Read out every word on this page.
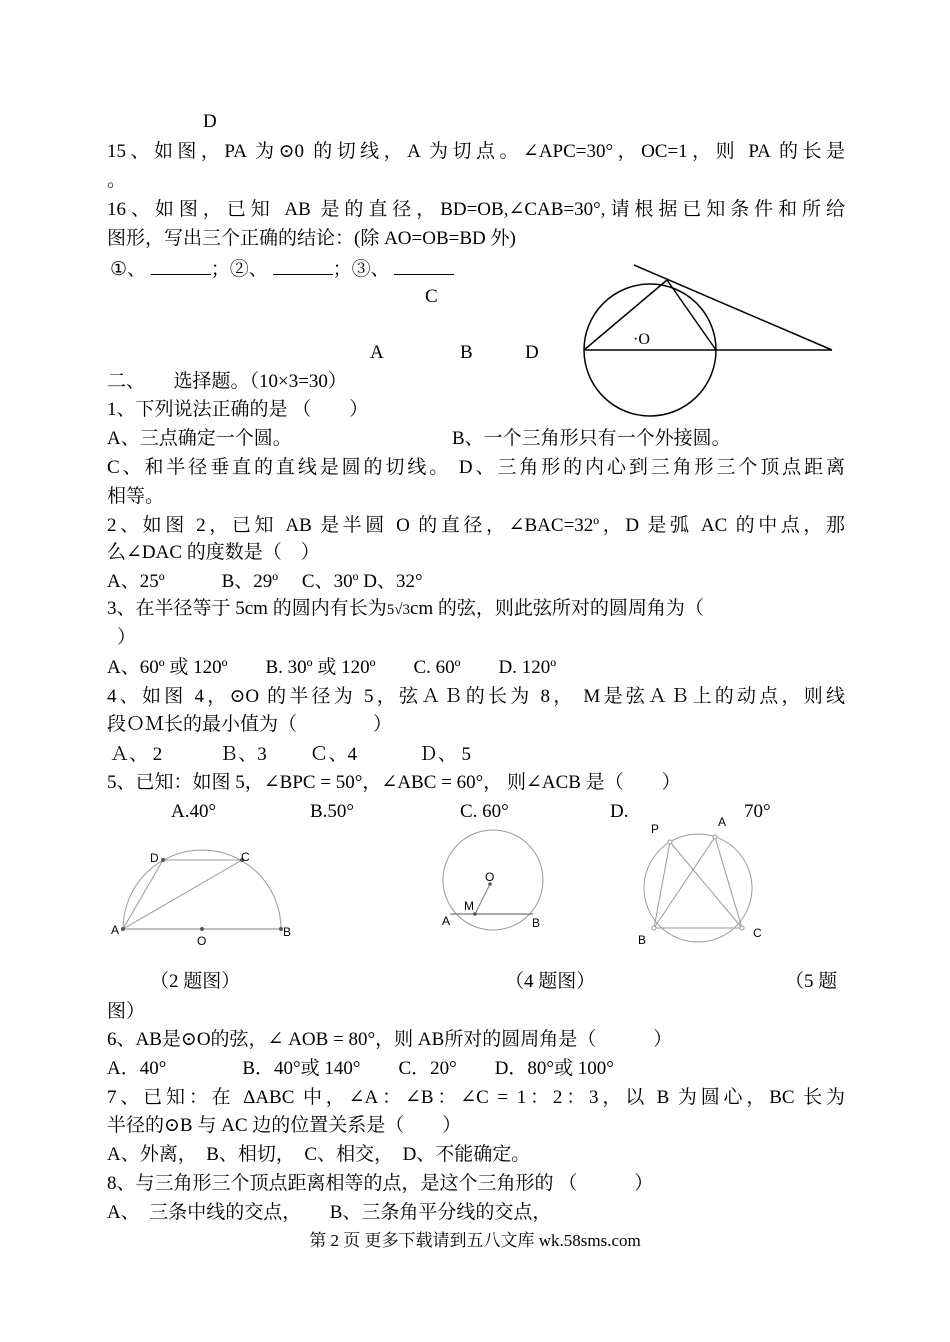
D
15、如图，PA 为⊙0 的切线，A 为切点。∠APC=30°，OC=1，则 PA 的长是
。
16、如图，已知 AB 是的直径，BD=OB,∠CAB=30°,请根据已知条件和所给
图形，写出三个正确的结论：(除 AO=OB=BD 外)
①、	；②、	；③、
C
A	B	D
·O
二、　　选择题。（10×3=30）
1、下列说法正确的是 （　　）
A、三点确定一个圆。	B、一个三角形只有一个外接圆。
C、和半径垂直的直线是圆的切线。 D、三角形的内心到三角形三个顶点距离
相等。
2、如图 2，已知 AB 是半圆 O 的直径，∠BAC=32º，D 是弧 AC 的中点，那
么∠DAC 的度数是（　）
A、25º　　　B、29º　 C、30º D、32°
3、在半径等于 5cm 的圆内有长为5√3cm 的弦，则此弦所对的圆周角为（
）
A、60º 或 120º　　B. 30º 或 120º　　C. 60º　　D. 120º
4、如图 4，⊙O 的半径为 5，弦ＡＢ的长为 8， M是弦ＡＢ上的动点，则线
段ＯＭ长的最小值为（　　　　）
Ａ、 2　　　Ｂ、3　　 Ｃ、4　　　 Ｄ、 5
5、已知：如图 5，∠BPC = 50°，∠ABC = 60°， 则∠ACB 是（　　）
A.40°	B.50°	C. 60°	D.	70°
A	B
O
D	C
O
M
A	B
P	A
B	C
（2 题图）	（4 题图）	（5 题
图）
6、AB是⊙O的弦，∠ AOB = 80°，则 AB所对的圆周角是（　　　）
A．40°　　　　B．40°或 140°　　C．20°　　D．80°或 100°
7、已知：在 ΔABC 中，∠A：∠B：∠C = 1：2：3，以 B 为圆心，BC 长为
半径的⊙B 与 AC 边的位置关系是（　　）
A、外离，　B、相切，　C、相交，　D、不能确定。
8、与三角形三个顶点距离相等的点，是这个三角形的 （　　　）
A、　三条中线的交点，　　B、三条角平分线的交点，
第 2 页 更多下载请到五八文库 wk.58sms.com
